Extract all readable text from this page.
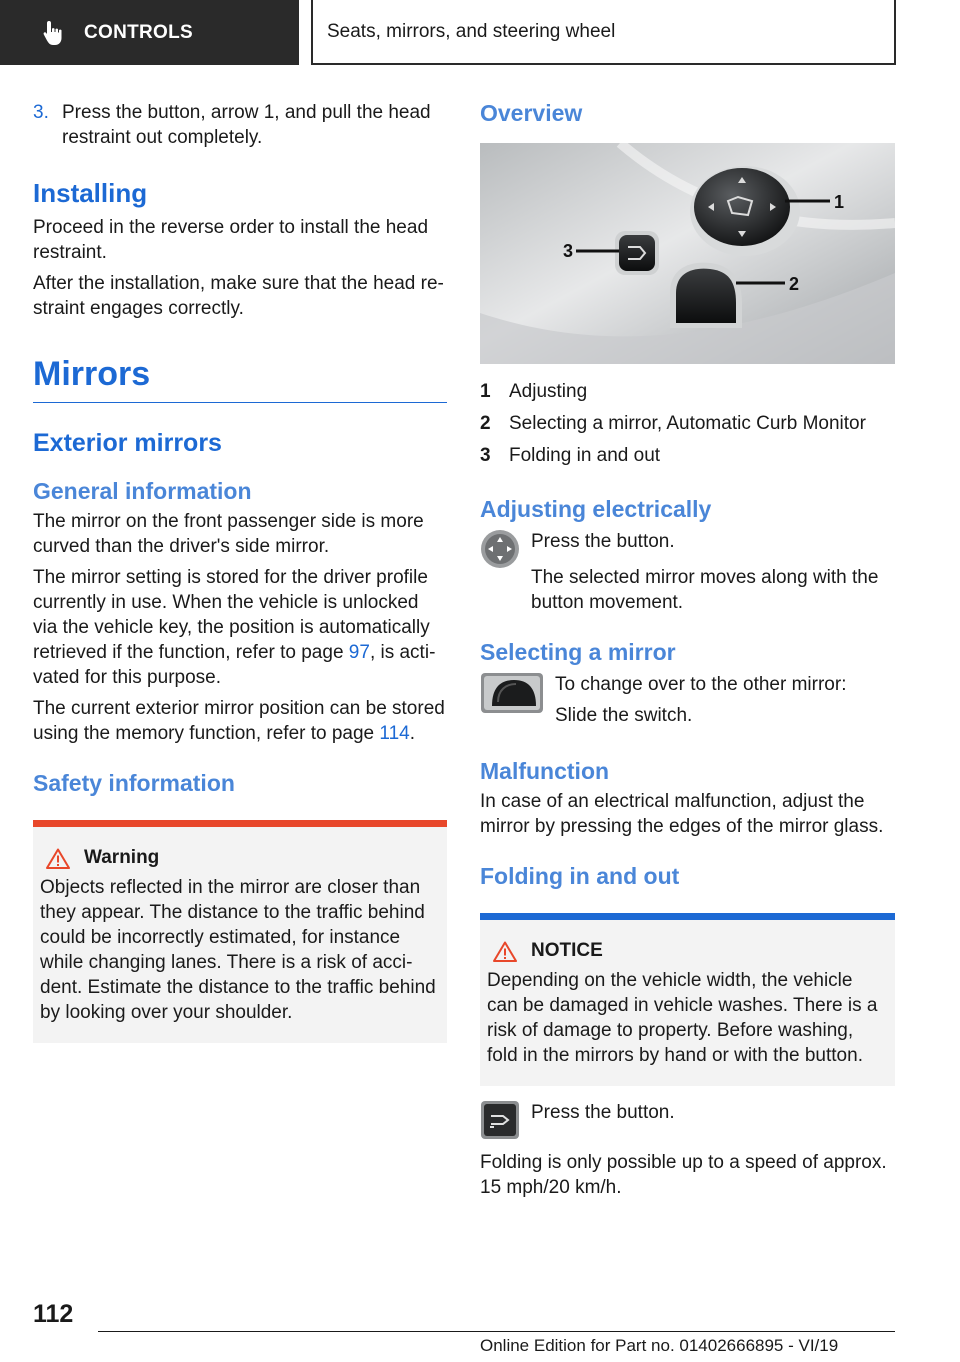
CONTROLS	Seats, mirrors, and steering wheel
3. Press the button, arrow 1, and pull the head restraint out completely.
Installing

Proceed in the reverse order to install the head restraint.

After the installation, make sure that the head restraint engages correctly.

Mirrors
Exterior mirrors
General information

The mirror on the front passenger side is more curved than the driver's side mirror.

The mirror setting is stored for the driver profile currently in use. When the vehicle is unlocked via the vehicle key, the position is automatically retrieved if the function, refer to page 97, is activated for this purpose.

The current exterior mirror position can be stored using the memory function, refer to page 114.

Safety information
Warning

Objects reflected in the mirror are closer than they appear. The distance to the traffic behind could be incorrectly estimated, for instance while changing lanes. There is a risk of accident. Estimate the distance to the traffic behind by looking over your shoulder.

Overview
1
2
3
1 Adjusting
2 Selecting a mirror, Automatic Curb Monitor
3 Folding in and out
Adjusting electrically

Press the button.

The selected mirror moves along with the button movement.

Selecting a mirror

To change over to the other mirror:

Slide the switch.

Malfunction

In case of an electrical malfunction, adjust the mirror by pressing the edges of the mirror glass.

Folding in and out
NOTICE

Depending on the vehicle width, the vehicle can be damaged in vehicle washes. There is a risk of damage to property. Before washing, fold in the mirrors by hand or with the button.

Press the button.

Folding is only possible up to a speed of approx. 15 mph/20 km/h.

112
Online Edition for Part no. 01402666895 - VI/19
